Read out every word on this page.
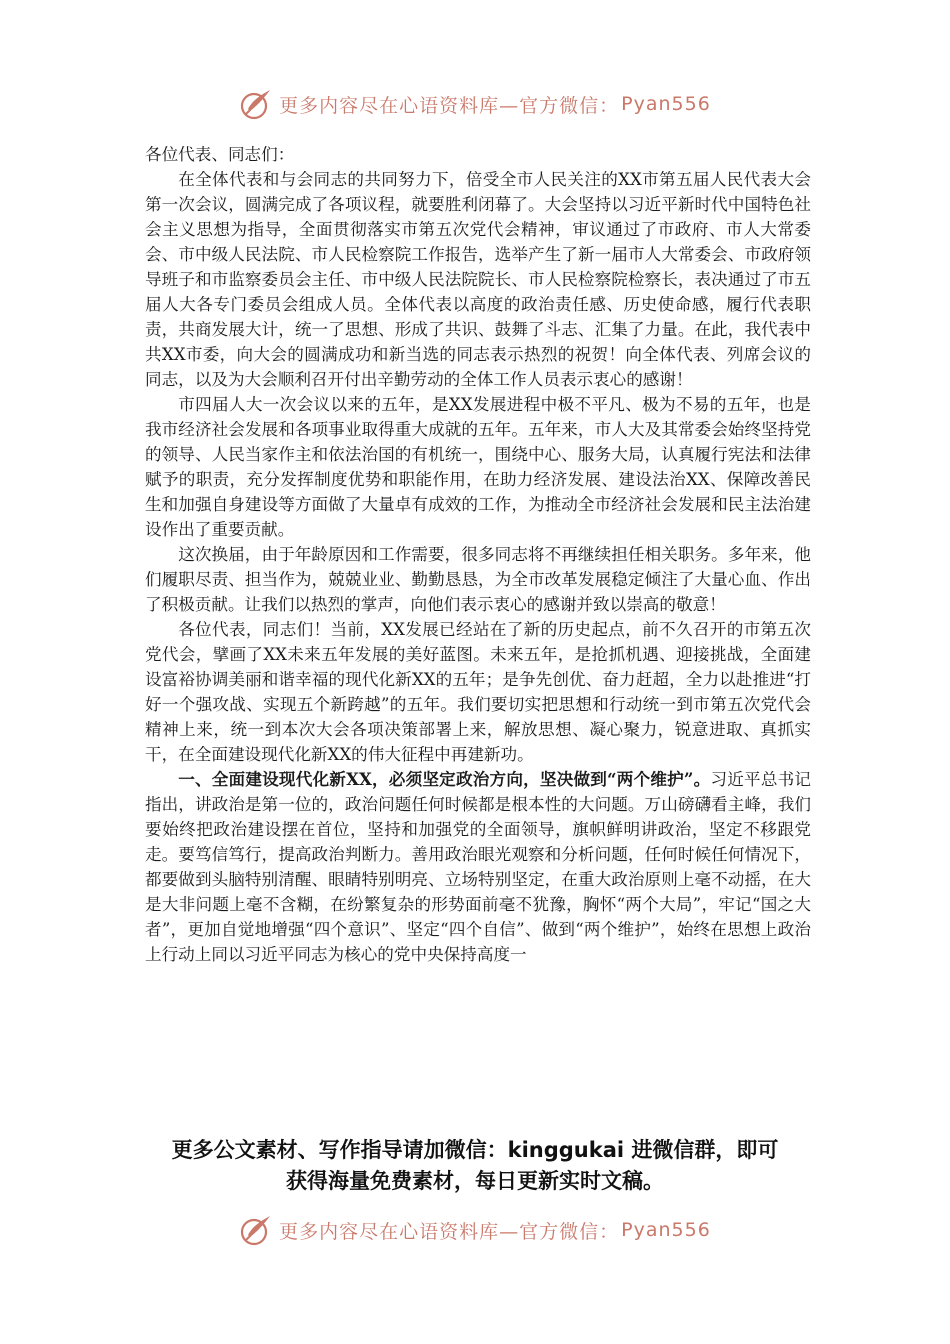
更多内容尽在心语资料库—官方微信： Pyan556

各位代表、同志们：

在全体代表和与会同志的共同努力下，倍受全市人民关注的XX市第五届人民代表大会第一次会议，圆满完成了各项议程，就要胜利闭幕了。大会坚持以习近平新时代中国特色社会主义思想为指导，全面贯彻落实市第五次党代会精神，审议通过了市政府、市人大常委会、市中级人民法院、市人民检察院工作报告，选举产生了新一届市人大常委会、市政府领导班子和市监察委员会主任、市中级人民法院院长、市人民检察院检察长，表决通过了市五届人大各专门委员会组成人员。全体代表以高度的政治责任感、历史使命感，履行代表职责，共商发展大计，统一了思想、形成了共识、鼓舞了斗志、汇集了力量。在此，我代表中共XX市委，向大会的圆满成功和新当选的同志表示热烈的祝贺！向全体代表、列席会议的同志，以及为大会顺利召开付出辛勤劳动的全体工作人员表示衷心的感谢！

市四届人大一次会议以来的五年，是XX发展进程中极不平凡、极为不易的五年，也是我市经济社会发展和各项事业取得重大成就的五年。五年来，市人大及其常委会始终坚持党的领导、人民当家作主和依法治国的有机统一，围绕中心、服务大局，认真履行宪法和法律赋予的职责，充分发挥制度优势和职能作用，在助力经济发展、建设法治XX、保障改善民生和加强自身建设等方面做了大量卓有成效的工作，为推动全市经济社会发展和民主法治建设作出了重要贡献。

这次换届，由于年龄原因和工作需要，很多同志将不再继续担任相关职务。多年来，他们履职尽责、担当作为，兢兢业业、勤勤恳恳，为全市改革发展稳定倾注了大量心血、作出了积极贡献。让我们以热烈的掌声，向他们表示衷心的感谢并致以崇高的敬意！

各位代表，同志们！当前，XX发展已经站在了新的历史起点，前不久召开的市第五次党代会，擘画了XX未来五年发展的美好蓝图。未来五年，是抢抓机遇、迎接挑战，全面建设富裕协调美丽和谐幸福的现代化新XX的五年；是争先创优、奋力赶超，全力以赴推进“打好一个强攻战、实现五个新跨越”的五年。我们要切实把思想和行动统一到市第五次党代会精神上来，统一到本次大会各项决策部署上来，解放思想、凝心聚力，锐意进取、真抓实干，在全面建设现代化新XX的伟大征程中再建新功。

一、全面建设现代化新XX，必须坚定政治方向，坚决做到“两个维护”。习近平总书记指出，讲政治是第一位的，政治问题任何时候都是根本性的大问题。万山磅礴看主峰，我们要始终把政治建设摆在首位，坚持和加强党的全面领导，旗帜鲜明讲政治，坚定不移跟党走。要笃信笃行，提高政治判断力。善用政治眼光观察和分析问题，任何时候任何情况下，都要做到头脑特别清醒、眼睛特别明亮、立场特别坚定，在重大政治原则上毫不动摇，在大是大非问题上毫不含糊，在纷繁复杂的形势面前毫不犹豫，胸怀“两个大局”，牢记“国之大者”，更加自觉地增强“四个意识”、坚定“四个自信”、做到“两个维护”，始终在思想上政治上行动上同以习近平同志为核心的党中央保持高度一

更多公文素材、写作指导请加微信：kinggukai 进微信群，即可
获得海量免费素材，每日更新实时文稿。
更多内容尽在心语资料库—官方微信： Pyan556
